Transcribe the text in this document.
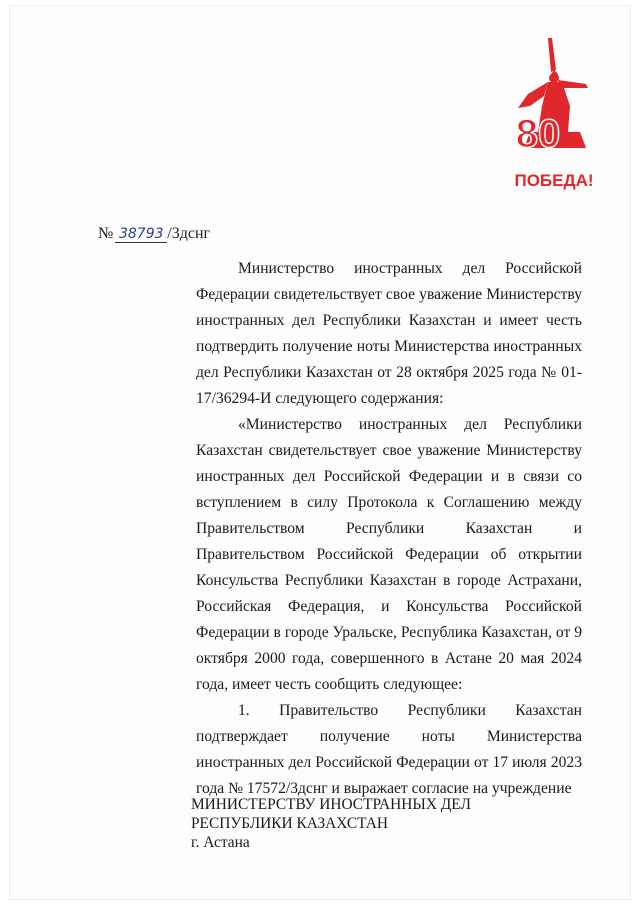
80
ПОБЕДА!
№ 38793 /3дснг

Министерство иностранных дел Российской Федерации свидетельствует свое уважение Министерству иностранных дел Республики Казахстан и имеет честь подтвердить получение ноты Министерства иностранных дел Республики Казахстан от 28 октября 2025 года № 01-17/36294-И следующего содержания:

«Министерство иностранных дел Республики Казахстан свидетельствует свое уважение Министерству иностранных дел Российской Федерации и в связи со вступлением в силу Протокола к Соглашению между Правительством Республики Казахстан и Правительством Российской Федерации об открытии Консульства Республики Казахстан в городе Астрахани, Российская Федерация, и Консульства Российской Федерации в городе Уральске, Республика Казахстан, от 9 октября 2000 года, совершенного в Астане 20 мая 2024 года, имеет честь сообщить следующее:

1. Правительство Республики Казахстан подтверждает получение ноты Министерства иностранных дел Российской Федерации от 17 июля 2023 года № 17572/3дснг и выражает согласие на учреждение

МИНИСТЕРСТВУ ИНОСТРАННЫХ ДЕЛ
РЕСПУБЛИКИ КАЗАХСТАН
г. Астана
